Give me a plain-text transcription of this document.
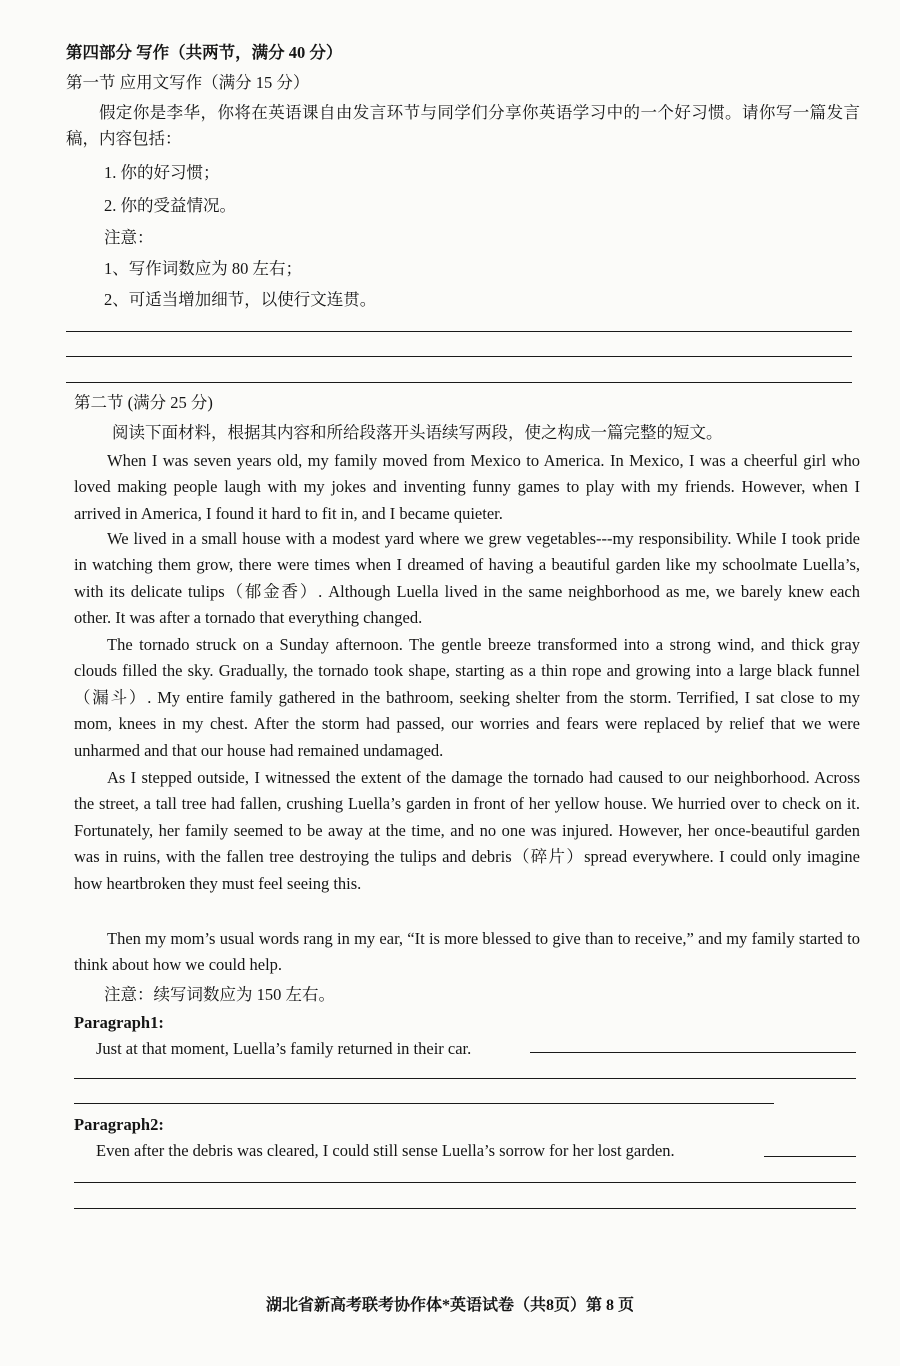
第四部分 写作（共两节，满分 40 分）

第一节 应用文写作（满分 15 分）

假定你是李华，你将在英语课自由发言环节与同学们分享你英语学习中的一个好习惯。请你写一篇发言稿，内容包括：

1. 你的好习惯；

2. 你的受益情况。

注意：

1、写作词数应为 80 左右；

2、可适当增加细节，以使行文连贯。

第二节 (满分 25 分)

阅读下面材料，根据其内容和所给段落开头语续写两段，使之构成一篇完整的短文。

When I was seven years old, my family moved from Mexico to America. In Mexico, I was a cheerful girl who loved making people laugh with my jokes and inventing funny games to play with my friends. However, when I arrived in America, I found it hard to fit in, and I became quieter.

We lived in a small house with a modest yard where we grew vegetables---my responsibility. While I took pride in watching them grow, there were times when I dreamed of having a beautiful garden like my schoolmate Luella’s, with its delicate tulips（郁金香）. Although Luella lived in the same neighborhood as me, we barely knew each other. It was after a tornado that everything changed.

The tornado struck on a Sunday afternoon. The gentle breeze transformed into a strong wind, and thick gray clouds filled the sky. Gradually, the tornado took shape, starting as a thin rope and growing into a large black funnel（漏斗）. My entire family gathered in the bathroom, seeking shelter from the storm. Terrified, I sat close to my mom, knees in my chest. After the storm had passed, our worries and fears were replaced by relief that we were unharmed and that our house had remained undamaged.

As I stepped outside, I witnessed the extent of the damage the tornado had caused to our neighborhood. Across the street, a tall tree had fallen, crushing Luella’s garden in front of her yellow house. We hurried over to check on it. Fortunately, her family seemed to be away at the time, and no one was injured. However, her once-beautiful garden was in ruins, with the fallen tree destroying the tulips and debris（碎片）spread everywhere. I could only imagine how heartbroken they must feel seeing this.

Then my mom’s usual words rang in my ear, “It is more blessed to give than to receive,” and my family started to think about how we could help.

注意：续写词数应为 150 左右。

Paragraph1:

Just at that moment, Luella’s family returned in their car.

Paragraph2:

Even after the debris was cleared, I could still sense Luella’s sorrow for her lost garden.

湖北省新高考联考协作体*英语试卷（共8页）第 8 页
